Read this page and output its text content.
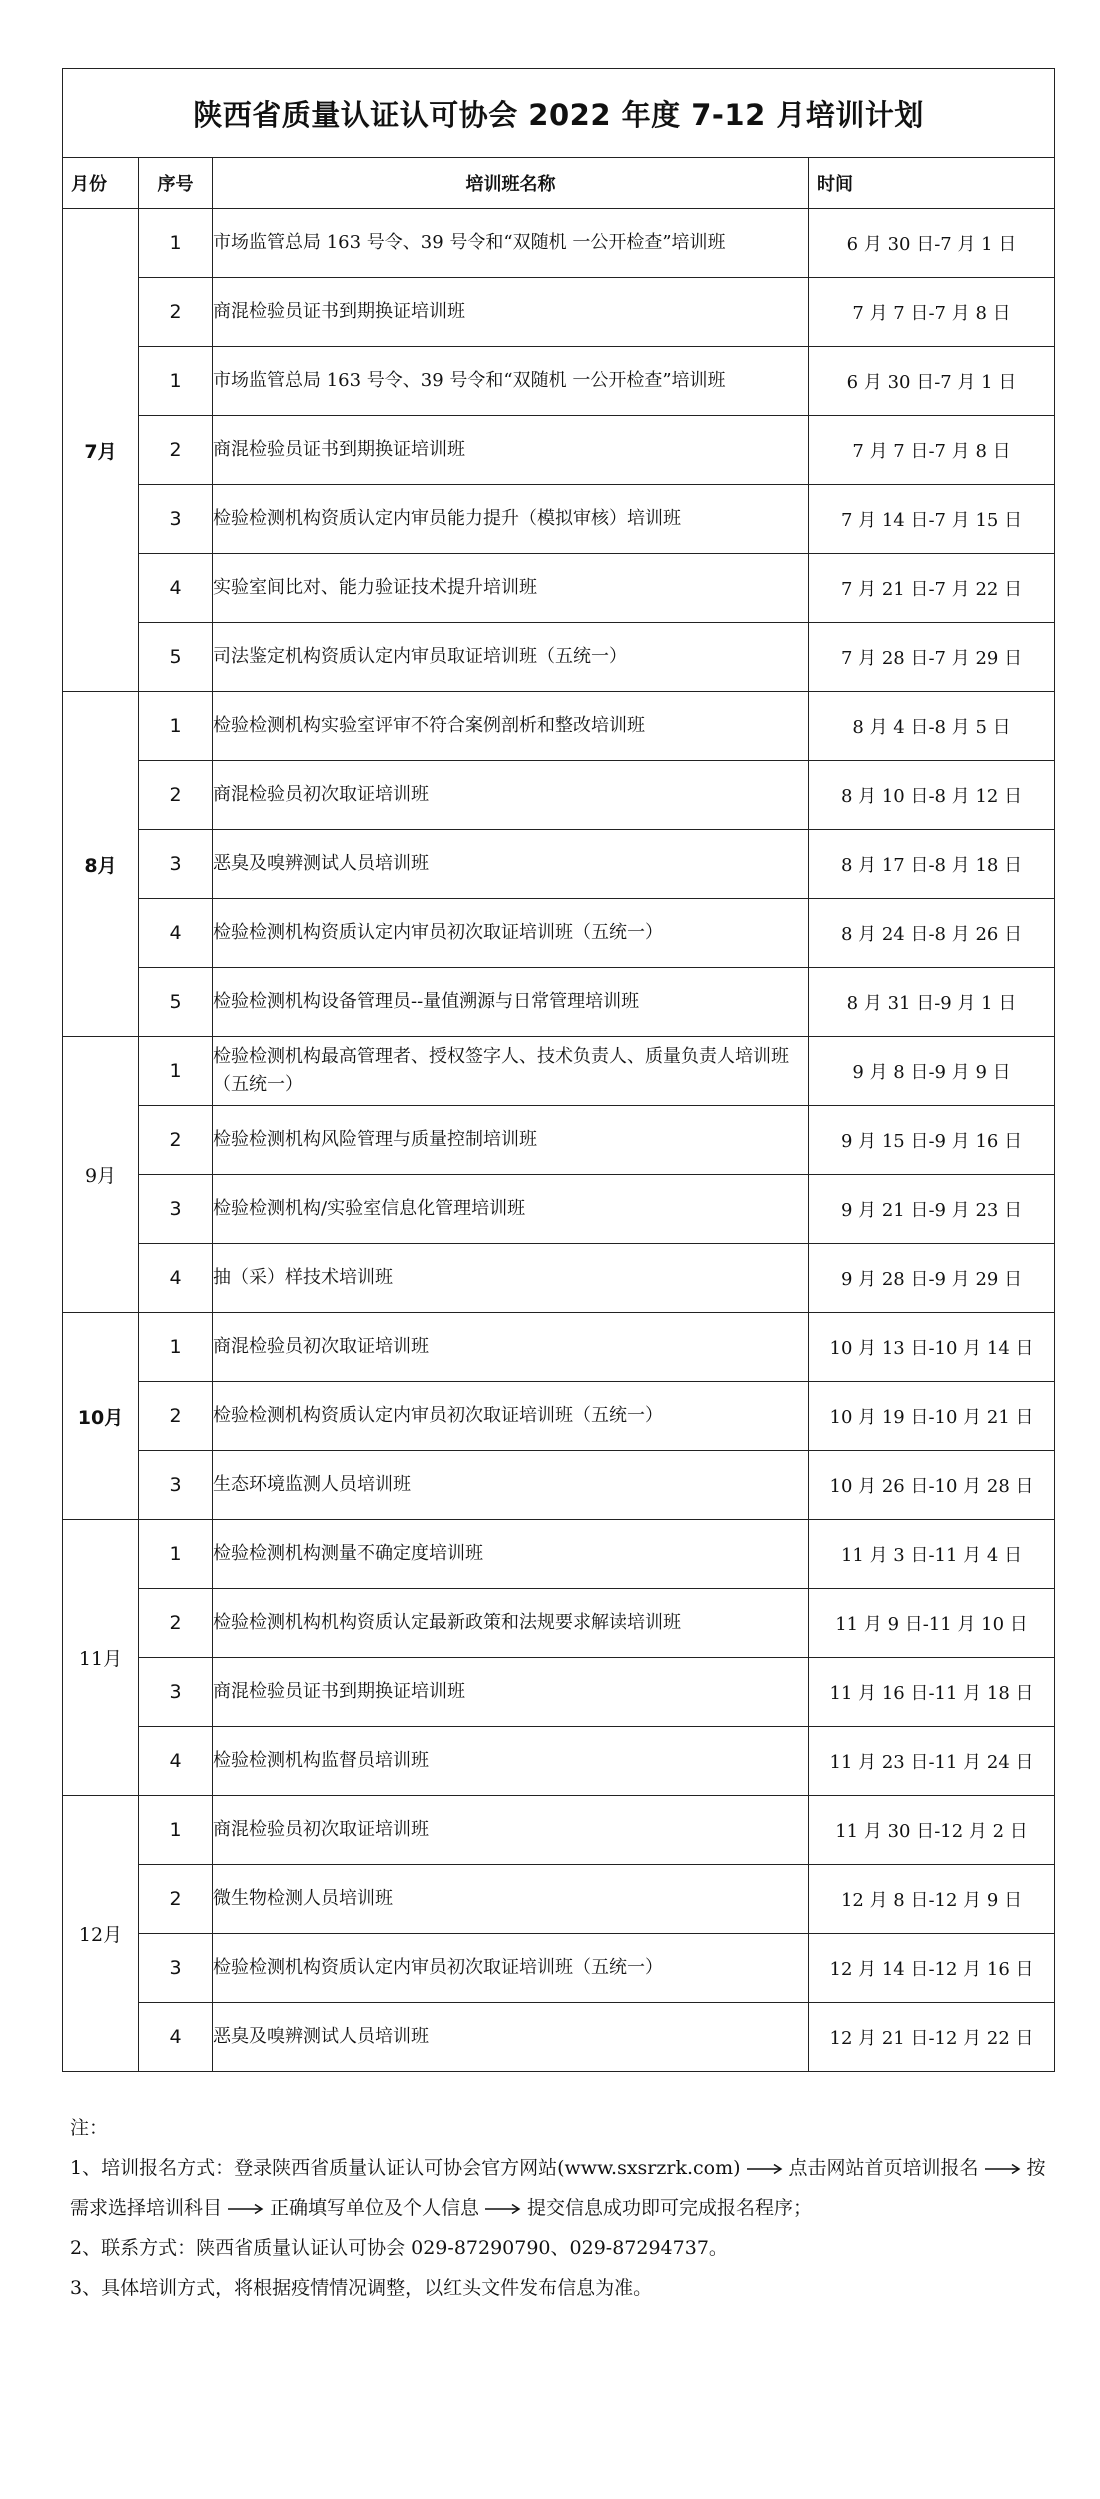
陕西省质量认证认可协会 2022 年度 7-12 月培训计划			
月份	序号	培训班名称	时间
7月	1	市场监管总局 163 号令、39 号令和“双随机 一公开检查”培训班	6 月 30 日-7 月 1 日
	2	商混检验员证书到期换证培训班	7 月 7 日-7 月 8 日
	1	市场监管总局 163 号令、39 号令和“双随机 一公开检查”培训班	6 月 30 日-7 月 1 日
	2	商混检验员证书到期换证培训班	7 月 7 日-7 月 8 日
	3	检验检测机构资质认定内审员能力提升（模拟审核）培训班	7 月 14 日-7 月 15 日
	4	实验室间比对、能力验证技术提升培训班	7 月 21 日-7 月 22 日
	5	司法鉴定机构资质认定内审员取证培训班（五统一）	7 月 28 日-7 月 29 日
8月	1	检验检测机构实验室评审不符合案例剖析和整改培训班	8 月 4 日-8 月 5 日
	2	商混检验员初次取证培训班	8 月 10 日-8 月 12 日
	3	恶臭及嗅辨测试人员培训班	8 月 17 日-8 月 18 日
	4	检验检测机构资质认定内审员初次取证培训班（五统一）	8 月 24 日-8 月 26 日
	5	检验检测机构设备管理员--量值溯源与日常管理培训班	8 月 31 日-9 月 1 日
9月	1	检验检测机构最高管理者、授权签字人、技术负责人、质量负责人培训班（五统一）	9 月 8 日-9 月 9 日
	2	检验检测机构风险管理与质量控制培训班	9 月 15 日-9 月 16 日
	3	检验检测机构/实验室信息化管理培训班	9 月 21 日-9 月 23 日
	4	抽（采）样技术培训班	9 月 28 日-9 月 29 日
10月	1	商混检验员初次取证培训班	10 月 13 日-10 月 14 日
	2	检验检测机构资质认定内审员初次取证培训班（五统一）	10 月 19 日-10 月 21 日
	3	生态环境监测人员培训班	10 月 26 日-10 月 28 日
11月	1	检验检测机构测量不确定度培训班	11 月 3 日-11 月 4 日
	2	检验检测机构机构资质认定最新政策和法规要求解读培训班	11 月 9 日-11 月 10 日
	3	商混检验员证书到期换证培训班	11 月 16 日-11 月 18 日
	4	检验检测机构监督员培训班	11 月 23 日-11 月 24 日
12月	1	商混检验员初次取证培训班	11 月 30 日-12 月 2 日
	2	微生物检测人员培训班	12 月 8 日-12 月 9 日
	3	检验检测机构资质认定内审员初次取证培训班（五统一）	12 月 14 日-12 月 16 日
	4	恶臭及嗅辨测试人员培训班	12 月 21 日-12 月 22 日
注：
1、培训报名方式：登录陕西省质量认证认可协会官方网站(www.sxsrzrk.com)	点击网站首页培训报名	按需求选择培训科目	正确填写单位及个人信息	提交信息成功即可完成报名程序；
2、联系方式：陕西省质量认证认可协会 029-87290790、029-87294737。
3、具体培训方式，将根据疫情情况调整，以红头文件发布信息为准。
